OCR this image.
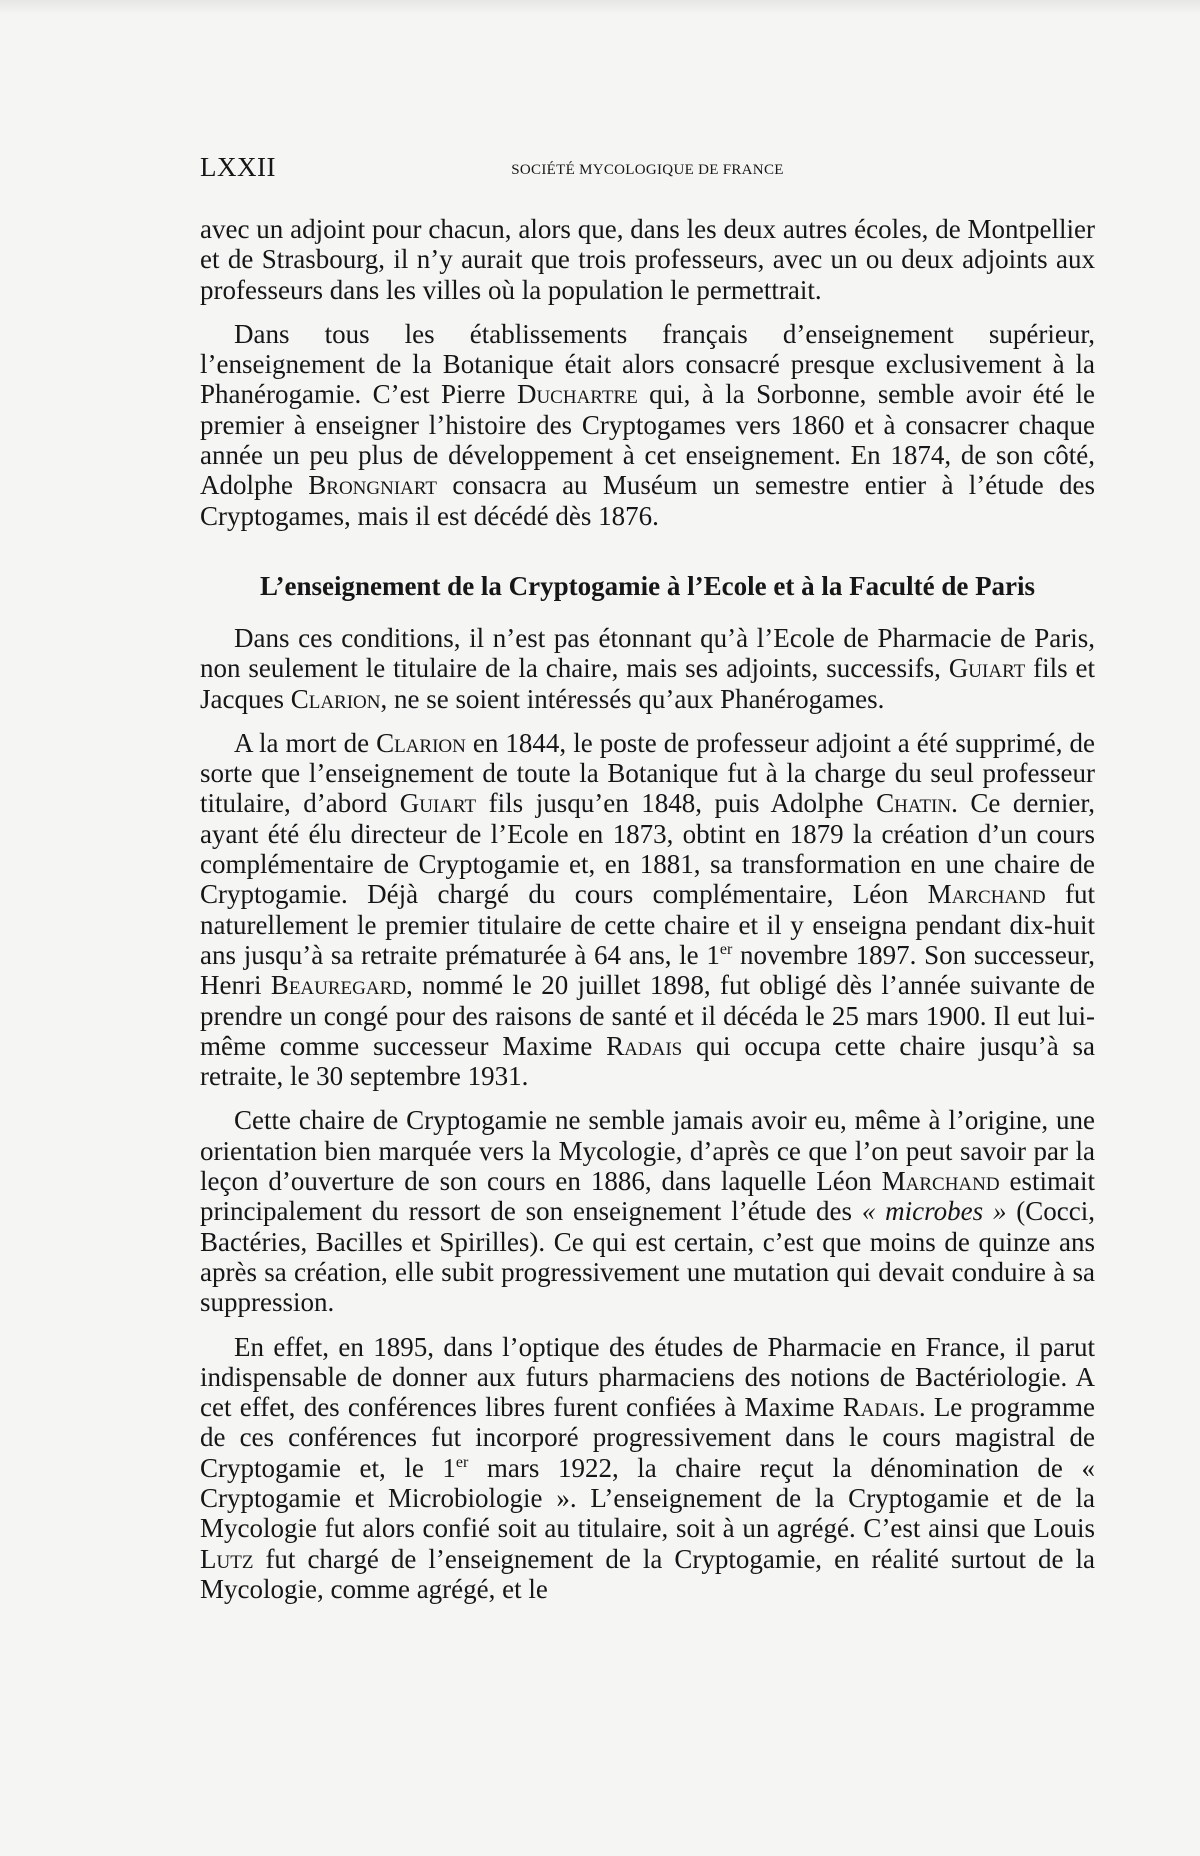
LXXII	SOCIÉTÉ MYCOLOGIQUE DE FRANCE

avec un adjoint pour chacun, alors que, dans les deux autres écoles, de Montpellier et de Strasbourg, il n’y aurait que trois professeurs, avec un ou deux adjoints aux professeurs dans les villes où la population le permettrait.

Dans tous les établissements français d’enseignement supérieur, l’enseignement de la Botanique était alors consacré presque exclusivement à la Phanérogamie. C’est Pierre Duchartre qui, à la Sorbonne, semble avoir été le premier à enseigner l’histoire des Cryptogames vers 1860 et à consacrer chaque année un peu plus de développement à cet enseignement. En 1874, de son côté, Adolphe Brongniart consacra au Muséum un semestre entier à l’étude des Cryptogames, mais il est décédé dès 1876.

L’enseignement de la Cryptogamie à l’Ecole et à la Faculté de Paris

Dans ces conditions, il n’est pas étonnant qu’à l’Ecole de Pharmacie de Paris, non seulement le titulaire de la chaire, mais ses adjoints, successifs, Guiart fils et Jacques Clarion, ne se soient intéressés qu’aux Phanérogames.

A la mort de Clarion en 1844, le poste de professeur adjoint a été supprimé, de sorte que l’enseignement de toute la Botanique fut à la charge du seul professeur titulaire, d’abord Guiart fils jusqu’en 1848, puis Adolphe Chatin. Ce dernier, ayant été élu directeur de l’Ecole en 1873, obtint en 1879 la création d’un cours complémentaire de Cryptogamie et, en 1881, sa transformation en une chaire de Cryptogamie. Déjà chargé du cours complémentaire, Léon Marchand fut naturellement le premier titulaire de cette chaire et il y enseigna pendant dix-huit ans jusqu’à sa retraite prématurée à 64 ans, le 1er novembre 1897. Son successeur, Henri Beauregard, nommé le 20 juillet 1898, fut obligé dès l’année suivante de prendre un congé pour des raisons de santé et il décéda le 25 mars 1900. Il eut lui-même comme successeur Maxime Radais qui occupa cette chaire jusqu’à sa retraite, le 30 septembre 1931.

Cette chaire de Cryptogamie ne semble jamais avoir eu, même à l’origine, une orientation bien marquée vers la Mycologie, d’après ce que l’on peut savoir par la leçon d’ouverture de son cours en 1886, dans laquelle Léon Marchand estimait principalement du ressort de son enseignement l’étude des « microbes » (Cocci, Bactéries, Bacilles et Spirilles). Ce qui est certain, c’est que moins de quinze ans après sa création, elle subit progressivement une mutation qui devait conduire à sa suppression.

En effet, en 1895, dans l’optique des études de Pharmacie en France, il parut indispensable de donner aux futurs pharmaciens des notions de Bactériologie. A cet effet, des conférences libres furent confiées à Maxime Radais. Le programme de ces conférences fut incorporé progressivement dans le cours magistral de Cryptogamie et, le 1er mars 1922, la chaire reçut la dénomination de « Cryptogamie et Microbiologie ». L’enseignement de la Cryptogamie et de la Mycologie fut alors confié soit au titulaire, soit à un agrégé. C’est ainsi que Louis Lutz fut chargé de l’enseignement de la Cryptogamie, en réalité surtout de la Mycologie, comme agrégé, et le
